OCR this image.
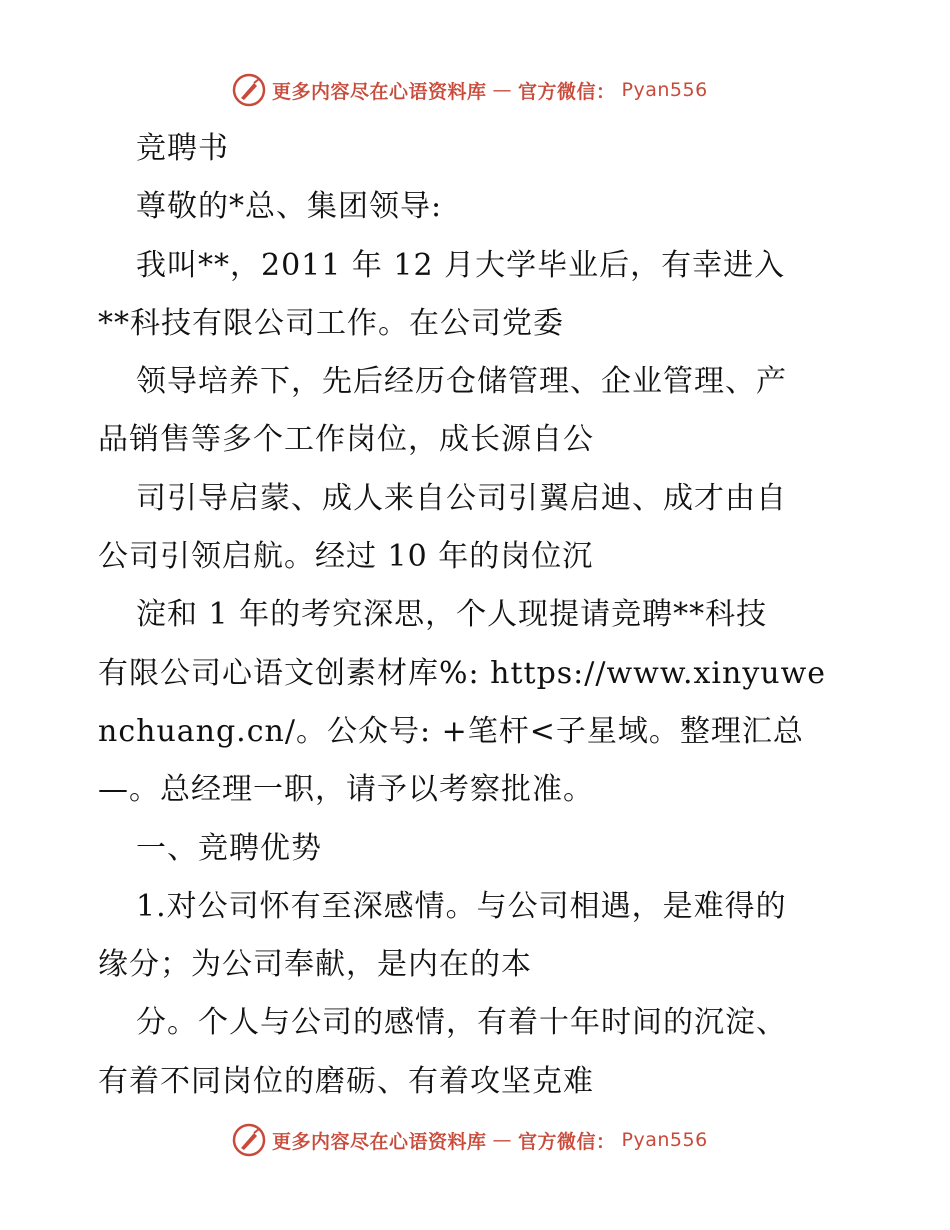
更多内容尽在心语资料库 — 官方微信： Pyan556
竞聘书
尊敬的*总、集团领导:
我叫**，2011 年 12 月大学毕业后，有幸进入
**科技有限公司工作。在公司党委
领导培养下，先后经历仓储管理、企业管理、产
品销售等多个工作岗位，成长源自公
司引导启蒙、成人来自公司引翼启迪、成才由自
公司引领启航。经过 10 年的岗位沉
淀和 1 年的考究深思，个人现提请竞聘**科技
有限公司心语文创素材库%: https://www.xinyuwe
nchuang.cn/。公众号: +笔杆<子星域。整理汇总
—。总经理一职，请予以考察批准。
一、竞聘优势
1.对公司怀有至深感情。与公司相遇，是难得的
缘分；为公司奉献，是内在的本
分。个人与公司的感情，有着十年时间的沉淀、
有着不同岗位的磨砺、有着攻坚克难
更多内容尽在心语资料库 — 官方微信： Pyan556
